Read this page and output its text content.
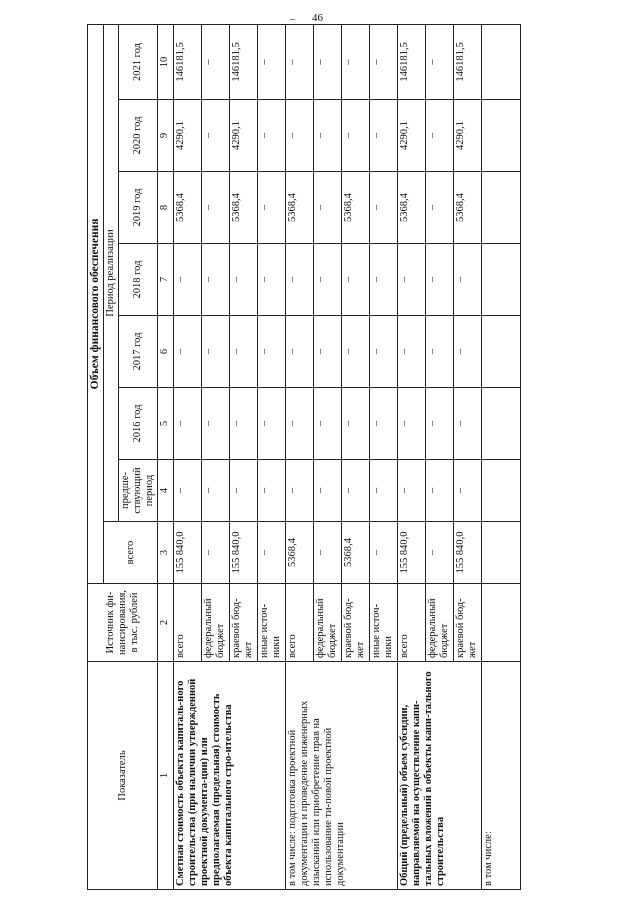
– 46
Показатель	Источник фи-нансирования, в тыс. рублей	Объем финансового обеспечения							
		всего	Период реализации						
			предше-ствующий период	2016 год	2017 год	2018 год	2019 год	2020 год	2021 год
1	2	3	4	5	6	7	8	9	10
Сметная стоимость объекта капиталь-ного строительства (при наличии утвержденной проектной документа-ции) или предполагаемая (предельная) стоимость объекта капитального стро-ительства	всего	155 840,0	–	–	–	–	5368,4	4290,1	146181,5
	федеральный бюджет	–	–	–	–	–	–	–	–
	краевой бюд-жет	155 840,0	–	–	–	–	5368,4	4290,1	146181,5
	иные источ-ники	–	–	–	–	–	–	–	–
в том числе: подготовка проектной документации и проведение инженерных изысканий или приобретение прав на использование ти-повой проектной документации	всего	5368,4	–	–	–	–	5368,4	–	–
	федеральный бюджет	–	–	–	–	–	–	–	–
	краевой бюд-жет	5368,4	–	–	–	–	5368,4	–	–
	иные источ-ники	–	–	–	–	–	–	–	–
Общий (предельный) объем субсидии, направляемой на осуществление капи-тальных вложений в объекты капи-тального строительства	всего	155 840,0	–	–	–	–	5368,4	4290,1	146181,5
	федеральный бюджет	–	–	–	–	–	–	–	–
	краевой бюд-жет	155 840,0	–	–	–	–	5368,4	4290,1	146181,5
в том числе:									
